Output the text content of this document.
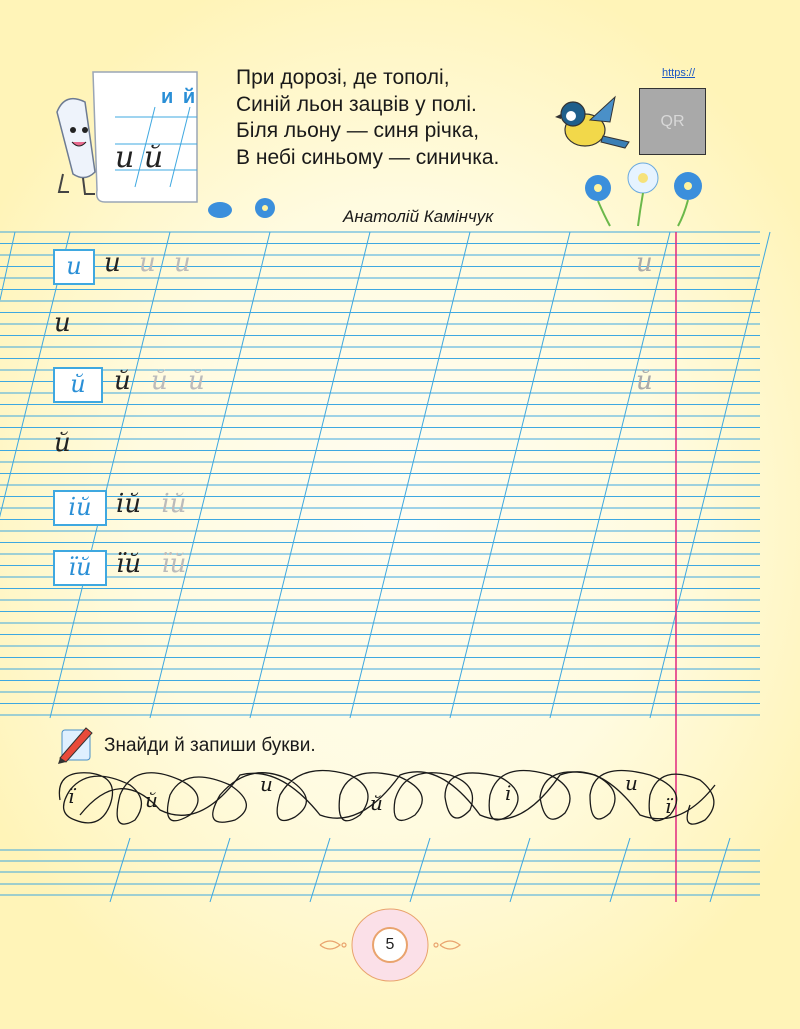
и й
и й
При дорозі, де тополі,
Синій льон зацвів у полі.
Біля льону — синя річка,
В небі синьому — синичка.
Анатолій Камінчук
https://
QR
и и и и	и
и
й	й й й	й
й
ій ій ій
їй їй їй
Знайди й запиши букви.
ї	й
и
й	і	и
ї
5
